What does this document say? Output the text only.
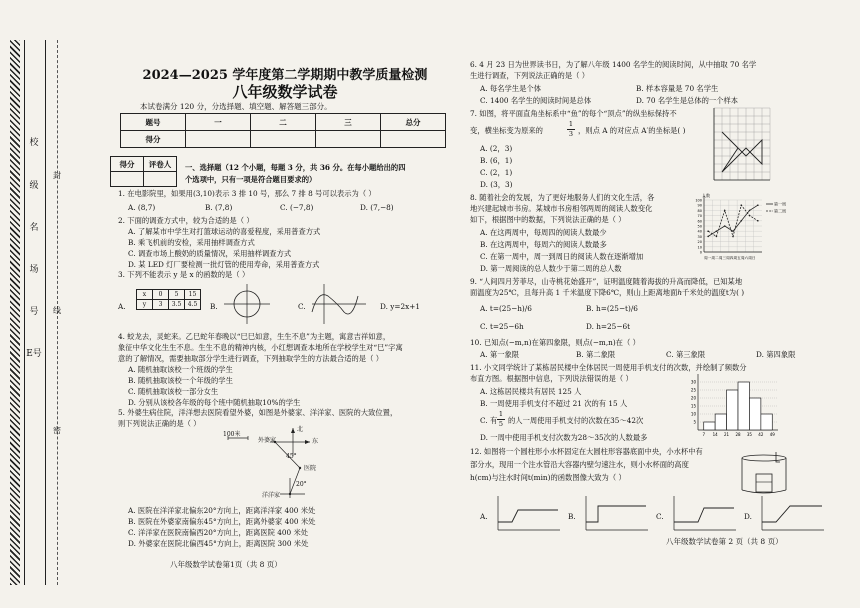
校
级
名
场
号
E号
封
线
密
2024—2025 学年度第二学期期中教学质量检测
八年级数学试卷
本试卷满分 120 分，分选择题、填空题、解答题三部分。
题号	一	二	三	总分
得分				
得分	评卷人
	一、选择题（12 个小题，每题 3 分，共 36 分。在每小题给出的四
个选项中，只有一项是符合题目要求的）
1. 在电影院里，如果用(3,10)表示 3 排 10 号，那么 7 排 8 号可以表示为（ ）
A. (8,7)	B. (7,8)	C. (−7,8)	D. (7,−8)
2. 下面的调查方式中，较为合适的是（ ）
A. 了解某市中学生对打篮球运动的喜爱程度，采用普查方式
B. 乘飞机前的安检，采用抽样调查方式
C. 调查市场上酸奶的质量情况，采用抽样调查方式
D. 某 LED 灯厂要检测一批灯管的使用寿命，采用普查方式
3. 下列不能表示 y 是 x 的函数的是（ ）
A.
x	0	5	15
y	3	3.5	4.5 B.	C.	D. y=2x+1
4. 蛟龙去，灵蛇来。乙巳蛇年春晚以“巳巳如意，生生不息”为主题，寓意吉祥如意，
象征中华文化生生不息。生生不息的精神内核，小红想调查本地所在学校学生对“巳”字寓
意的了解情况，需要抽取部分学生进行调查，下列抽取学生的方法最合适的是（ ）
A. 随机抽取该校一个班级的学生
B. 随机抽取该校一个年级的学生
C. 随机抽取该校一部分女生
D. 分别从该校各年级的每个班中随机抽取10%的学生
5. 外婆生病住院，洋洋想去医院看望外婆，如图是外婆家、洋洋家、医院的大致位置，
则下列说法正确的是（ ）
100米
外婆家
北
东
医院
45°
20°
洋洋家
A. 医院在洋洋家北偏东20°方向上，距离洋洋家 400 米处
B. 医院在外婆家南偏东45°方向上，距离外婆家 400 米处
C. 洋洋家在医院南偏西20°方向上，距离医院 400 米处
D. 外婆家在医院北偏西45°方向上，距离医院 300 米处
八年级数学试卷第1页（共 8 页）
6. 4 月 23 日为世界读书日，为了解八年级 1400 名学生的阅读时间，从中抽取 70 名学
生进行调查，下列说法正确的是（ ）
A. 每名学生是个体	B. 样本容量是 70 名学生
C. 1400 名学生的阅读时间是总体	D. 70 名学生是总体的一个样本
7. 如图，将平面直角坐标系中“鱼”的每个“顶点”的纵坐标保持不
变，横坐标变为原来的
1
3 ，则点 A 的对应点 A′的坐标是( )
A. (2，3)
B. (6，1)
C. (2，1)
D. (3，3)
8. 随着社会的发展，为了更好地服务人们的文化生活，各
地兴建起城市书房。某城市书房相邻两周的阅读人数变化
如下，根据图中的数据，下列说法正确的是（ ）
A. 在这两周中，每周四的阅读人数最少
B. 在这两周中，每周六的阅读人数最多
C. 在第一周中，周一到周日的阅读人数在逐渐增加
D. 第一周阅读的总人数少于第二周的总人数
0
10
20
30
40
50
60
70
80
90
100
人数
周一周二周三周四周五周六周日
第一周
第二周
9. “人间四月芳菲尽，山寺桃花始盛开”，证明温度随着海拔的升高而降低，已知某地
面温度为25℃，且每升高 1 千米温度下降6℃，则山上距离地面ℎ千米处的温度t为( )
A. t=(25−h)/6	B. h=(25−t)/6
C. t=25−6h	D. h=25−6t
10. 已知点(−m,n)在第四象限，则点(−m,n)在（ ）
A. 第一象限	B. 第二象限	C. 第三象限	D. 第四象限
11. 小文同学统计了某栋居民楼中全体居民一周使用手机支付的次数，并绘制了频数分
布直方图。根据图中信息，下列说法错误的是（ ）
A. 这栋居民楼共有居民 125 人
B. 一周使用手机支付不超过 21 次的有 15 人
C. 有
1
5 的人一周使用手机支付的次数在35～42次
D. 一周中使用手机支付次数为28～35次的人数最多
5
10
15
20
25
30
7 14 21 28 35 42 49
12. 如图将一个圆柱形小水杯固定在大圆柱形容器底面中央，小水杯中有
部分水，现用一个注水管沿大容器内壁匀速注水，则小水杯面的高度
h(cm)与注水时间t(min)的函数图像大致为（ ）
A.	B.	C.	D.
八年级数学试卷第 2 页（共 8 页）
